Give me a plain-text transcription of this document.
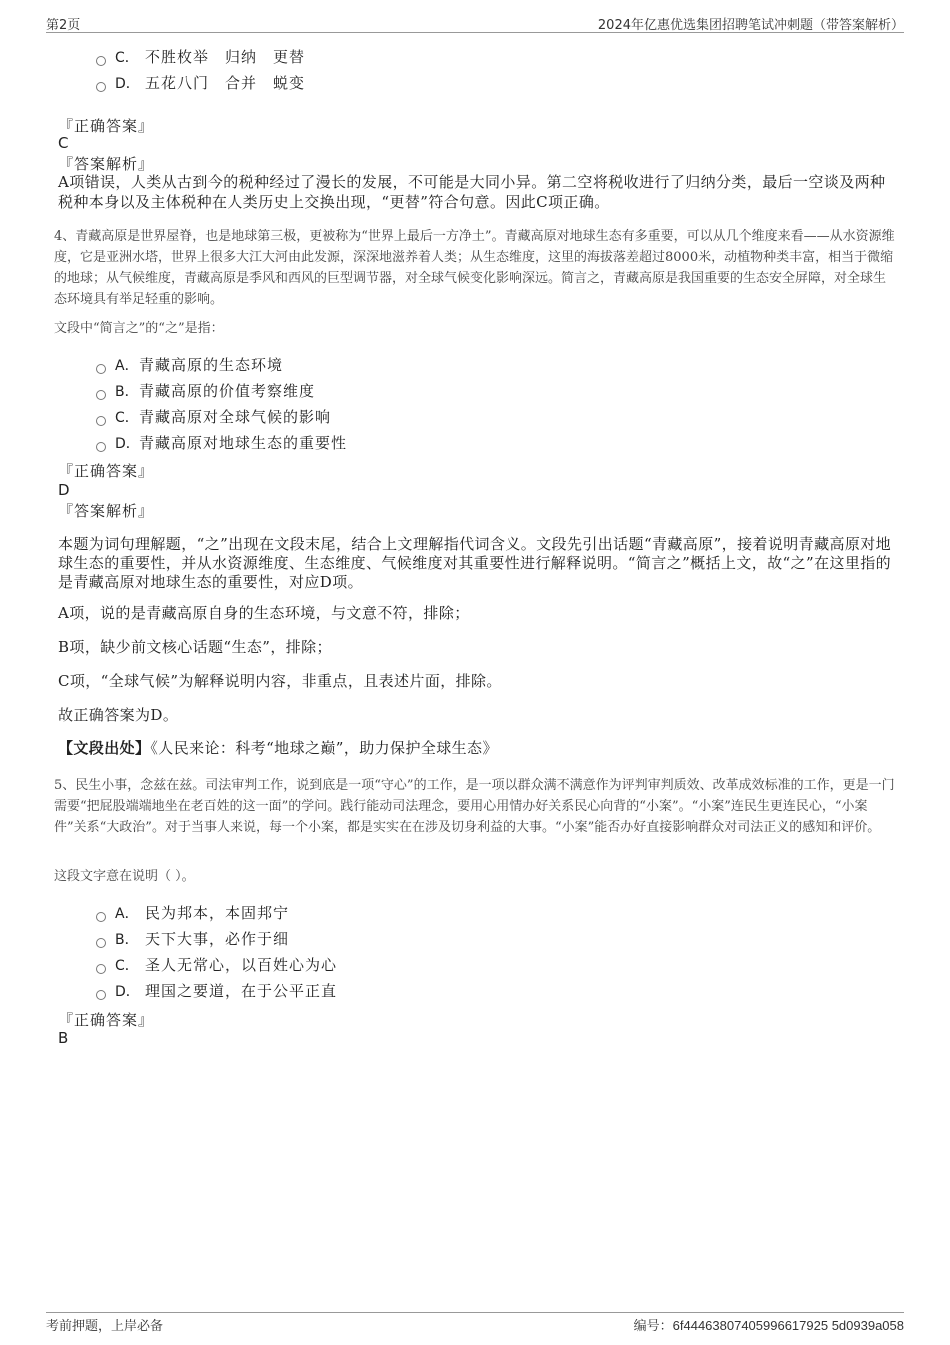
第2页	2024年亿惠优选集团招聘笔试冲刺题（带答案解析）
C． 不胜枚举　归纳　更替
D． 五花八门　合并　蜕变
『正确答案』
C
『答案解析』
A项错误，人类从古到今的税种经过了漫长的发展，不可能是大同小异。第二空将税收进行了归纳分类，最后一空谈及两种税种本身以及主体税种在人类历史上交换出现，“更替”符合句意。因此C项正确。
4、青藏高原是世界屋脊，也是地球第三极，更被称为“世界上最后一方净土”。青藏高原对地球生态有多重要，可以从几个维度来看——从水资源维度，它是亚洲水塔，世界上很多大江大河由此发源，深深地滋养着人类；从生态维度，这里的海拔落差超过8000米，动植物种类丰富，相当于微缩的地球；从气候维度，青藏高原是季风和西风的巨型调节器，对全球气候变化影响深远。简言之，青藏高原是我国重要的生态安全屏障，对全球生态环境具有举足轻重的影响。
文段中“简言之”的“之”是指：
A．青藏高原的生态环境
B．青藏高原的价值考察维度
C．青藏高原对全球气候的影响
D．青藏高原对地球生态的重要性
『正确答案』
D
『答案解析』
本题为词句理解题，“之”出现在文段末尾，结合上文理解指代词含义。文段先引出话题“青藏高原”，接着说明青藏高原对地球生态的重要性，并从水资源维度、生态维度、气候维度对其重要性进行解释说明。“简言之”概括上文，故“之”在这里指的是青藏高原对地球生态的重要性，对应D项。
A项，说的是青藏高原自身的生态环境，与文意不符，排除；
B项，缺少前文核心话题“生态”，排除；
C项，“全球气候”为解释说明内容，非重点，且表述片面，排除。
故正确答案为D。
【文段出处】《人民来论：科考“地球之巅”，助力保护全球生态》
5、民生小事，念兹在兹。司法审判工作，说到底是一项“守心”的工作，是一项以群众满不满意作为评判审判质效、改革成效标准的工作，更是一门需要“把屁股端端地坐在老百姓的这一面”的学问。践行能动司法理念，要用心用情办好关系民心向背的“小案”。“小案”连民生更连民心，“小案件”关系“大政治”。对于当事人来说，每一个小案，都是实实在在涉及切身利益的大事。“小案”能否办好直接影响群众对司法正义的感知和评价。
这段文字意在说明（ ）。
A． 民为邦本，本固邦宁
B． 天下大事，必作于细
C． 圣人无常心，以百姓心为心
D． 理国之要道，在于公平正直
『正确答案』
B
考前押题，上岸必备	编号：6f44463807405996617925 5d0939a058
